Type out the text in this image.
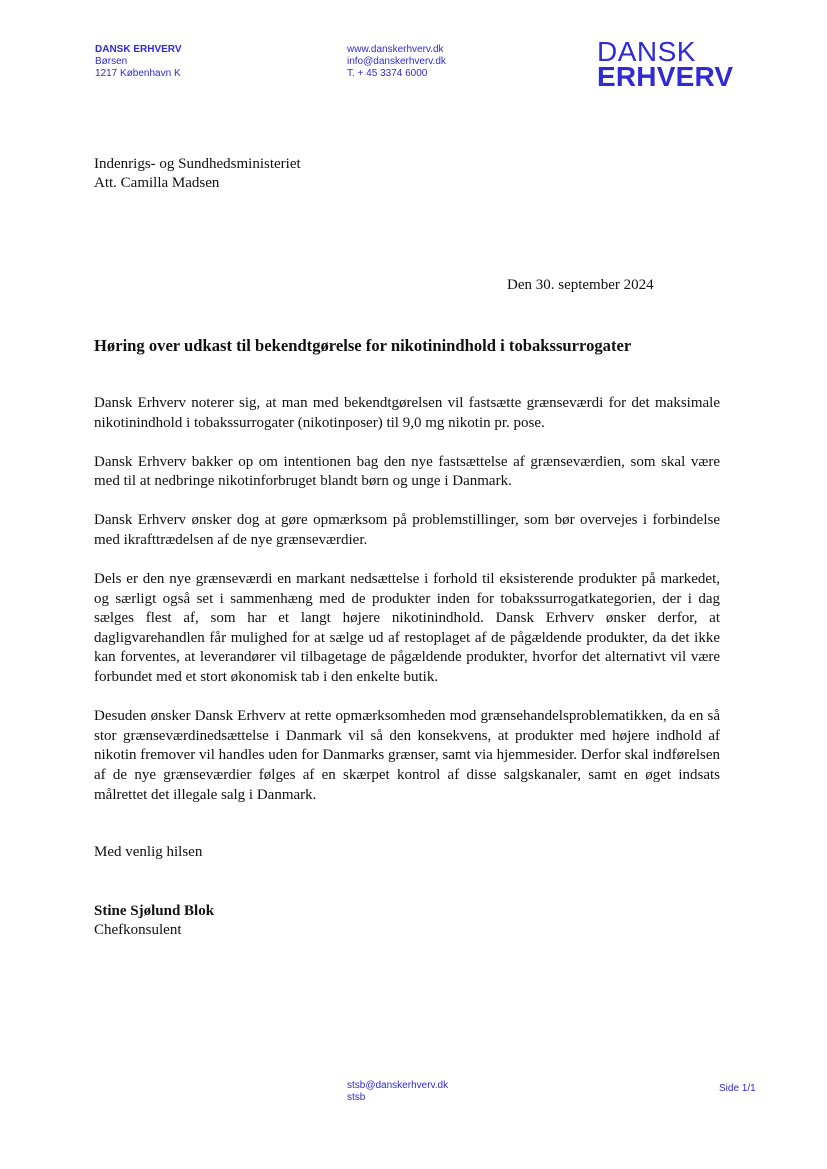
DANSK ERHVERV
Børsen
1217 København K
www.danskerhverv.dk
info@danskerhverv.dk
T. + 45 3374 6000
DANSK
ERHVERV
Indenrigs- og Sundhedsministeriet
Att. Camilla Madsen
Den 30. september 2024
Høring over udkast til bekendtgørelse for nikotinindhold i tobakssurrogater

Dansk Erhverv noterer sig, at man med bekendtgørelsen vil fastsætte grænseværdi for det maksimale nikotinindhold i tobakssurrogater (nikotinposer) til 9,0 mg nikotin pr. pose.

Dansk Erhverv bakker op om intentionen bag den nye fastsættelse af grænseværdien, som skal være med til at nedbringe nikotinforbruget blandt børn og unge i Danmark.

Dansk Erhverv ønsker dog at gøre opmærksom på problemstillinger, som bør overvejes i forbindelse med ikrafttrædelsen af de nye grænseværdier.

Dels er den nye grænseværdi en markant nedsættelse i forhold til eksisterende produkter på markedet, og særligt også set i sammenhæng med de produkter inden for tobakssurrogatkategorien, der i dag sælges flest af, som har et langt højere nikotinindhold. Dansk Erhverv ønsker derfor, at dagligvarehandlen får mulighed for at sælge ud af restoplaget af de pågældende produkter, da det ikke kan forventes, at leverandører vil tilbagetage de pågældende produkter, hvorfor det alternativt vil være forbundet med et stort økonomisk tab i den enkelte butik.

Desuden ønsker Dansk Erhverv at rette opmærksomheden mod grænsehandelsproblematikken, da en så stor grænseværdinedsættelse i Danmark vil så den konsekvens, at produkter med højere indhold af nikotin fremover vil handles uden for Danmarks grænser, samt via hjemmesider. Derfor skal indførelsen af de nye grænseværdier følges af en skærpet kontrol af disse salgskanaler, samt en øget indsats målrettet det illegale salg i Danmark.

Med venlig hilsen
Stine Sjølund Blok
Chefkonsulent
stsb@danskerhverv.dk
stsb
Side 1/1
